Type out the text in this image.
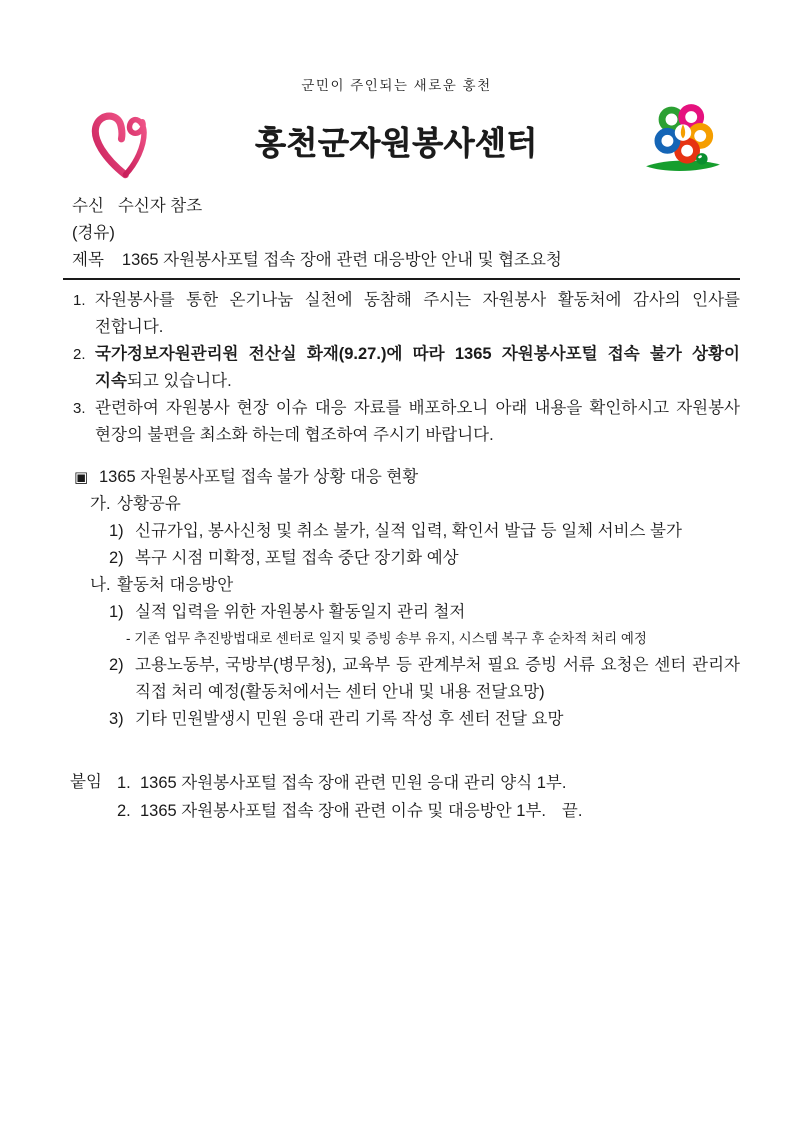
군민이 주인되는 새로운 홍천
홍천군자원봉사센터
수신 수신자 참조
(경유)
제목 1365 자원봉사포털 접속 장애 관련 대응방안 안내 및 협조요청
1. 자원봉사를 통한 온기나눔 실천에 동참해 주시는 자원봉사 활동처에 감사의 인사를 전합니다.
2. 국가정보자원관리원 전산실 화재(9.27.)에 따라 1365 자원봉사포털 접속 불가 상황이 지속되고 있습니다.
3. 관련하여 자원봉사 현장 이슈 대응 자료를 배포하오니 아래 내용을 확인하시고 자원봉사 현장의 불편을 최소화 하는데 협조하여 주시기 바랍니다.
▣ 1365 자원봉사포털 접속 불가 상황 대응 현황
가. 상황공유
1) 신규가입, 봉사신청 및 취소 불가, 실적 입력, 확인서 발급 등 일체 서비스 불가
2) 복구 시점 미확정, 포털 접속 중단 장기화 예상
나. 활동처 대응방안
1) 실적 입력을 위한 자원봉사 활동일지 관리 철저
- 기존 업무 추진방법대로 센터로 일지 및 증빙 송부 유지, 시스템 복구 후 순차적 처리 예정
2) 고용노동부, 국방부(병무청), 교육부 등 관계부처 필요 증빙 서류 요청은 센터 관리자 직접 처리 예정(활동처에서는 센터 안내 및 내용 전달요망)
3) 기타 민원발생시 민원 응대 관리 기록 작성 후 센터 전달 요망
붙임 1. 1365 자원봉사포털 접속 장애 관련 민원 응대 관리 양식 1부.
2. 1365 자원봉사포털 접속 장애 관련 이슈 및 대응방안 1부. 끝.
